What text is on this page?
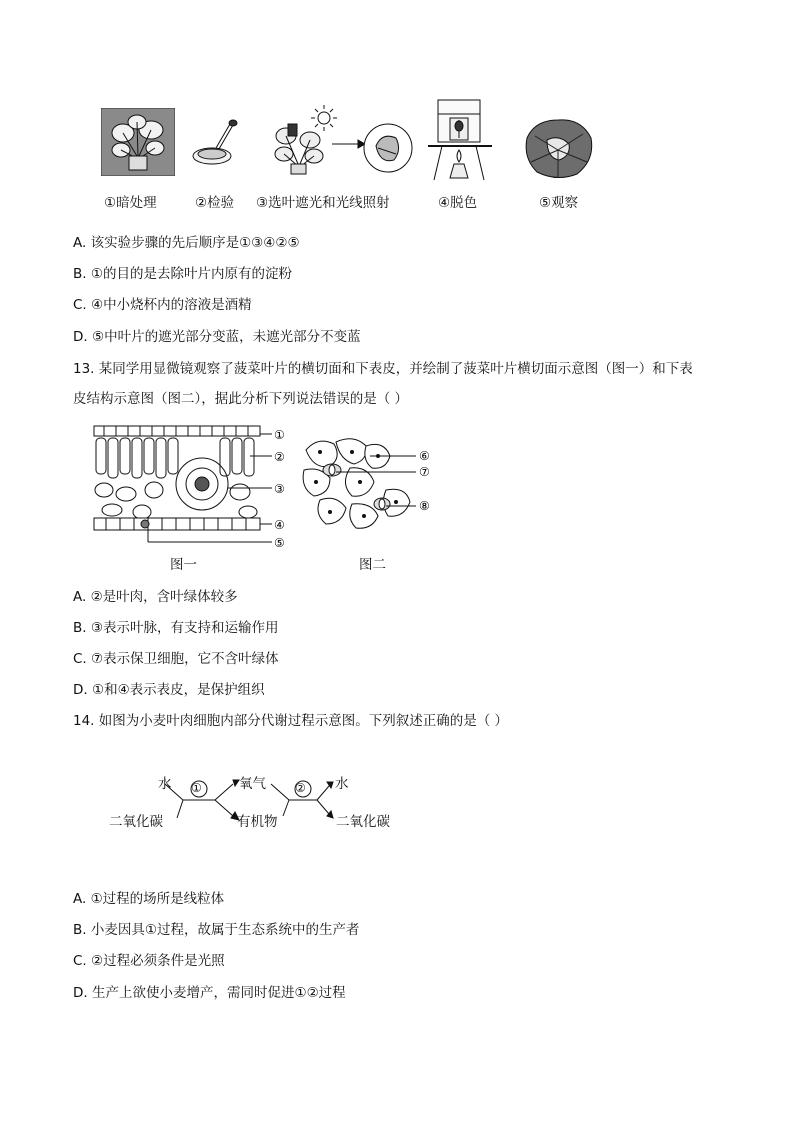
①暗处理	②检验 ③选叶遮光和光线照射	④脱色	⑤观察
A. 该实验步骤的先后顺序是①③④②⑤
B. ①的目的是去除叶片内原有的淀粉
C. ④中小烧杯内的溶液是酒精
D. ⑤中叶片的遮光部分变蓝，未遮光部分不变蓝
13. 某同学用显微镜观察了菠菜叶片的横切面和下表皮，并绘制了菠菜叶片横切面示意图（图一）和下表
皮结构示意图（图二），据此分析下列说法错误的是（ ）
①
②
③
④
⑤
⑥
⑦
⑧
图一	图二
A. ②是叶肉，含叶绿体较多
B. ③表示叶脉，有支持和运输作用
C. ⑦表示保卫细胞，它不含叶绿体
D. ①和④表示表皮，是保护组织
14. 如图为小麦叶肉细胞内部分代谢过程示意图。下列叙述正确的是（ ）
水
二氧化碳
①	氧气
有机物
② 水
二氧化碳
A. ①过程的场所是线粒体
B. 小麦因具①过程，故属于生态系统中的生产者
C. ②过程必须条件是光照
D. 生产上欲使小麦增产，需同时促进①②过程
